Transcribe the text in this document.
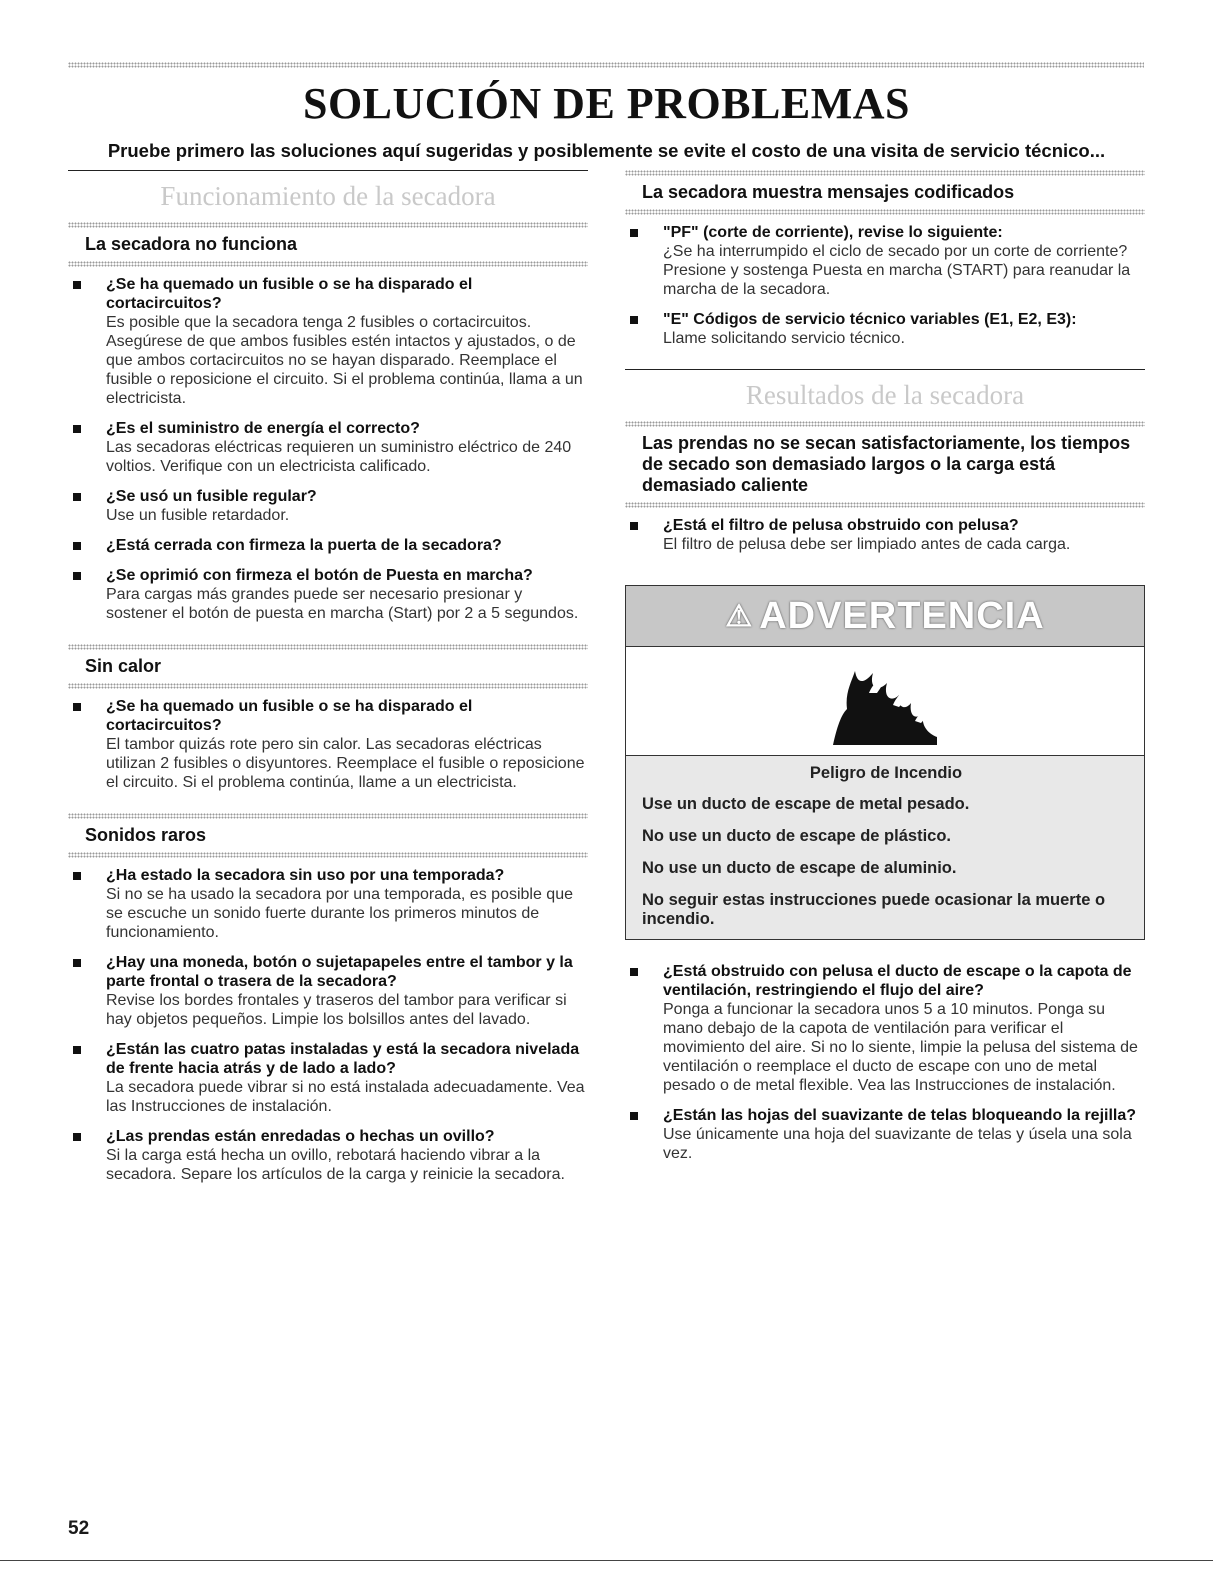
SOLUCIÓN DE PROBLEMAS
Pruebe primero las soluciones aquí sugeridas y posiblemente se evite el costo de una visita de servicio técnico...
Funcionamiento de la secadora
La secadora no funciona
¿Se ha quemado un fusible o se ha disparado el cortacircuitos?
Es posible que la secadora tenga 2 fusibles o cortacircuitos. Asegúrese de que ambos fusibles estén intactos y ajustados, o de que ambos cortacircuitos no se hayan disparado. Reemplace el fusible o reposicione el circuito. Si el problema continúa, llama a un electricista.
¿Es el suministro de energía el correcto?
Las secadoras eléctricas requieren un suministro eléctrico de 240 voltios. Verifique con un electricista calificado.
¿Se usó un fusible regular?
Use un fusible retardador.
¿Está cerrada con firmeza la puerta de la secadora?
¿Se oprimió con firmeza el botón de Puesta en marcha?
Para cargas más grandes puede ser necesario presionar y sostener el botón de puesta en marcha (Start) por 2 a 5 segundos.
Sin calor
¿Se ha quemado un fusible o se ha disparado el cortacircuitos?
El tambor quizás rote pero sin calor. Las secadoras eléctricas utilizan 2 fusibles o disyuntores. Reemplace el fusible o reposicione el circuito. Si el problema continúa, llame a un electricista.
Sonidos raros
¿Ha estado la secadora sin uso por una temporada?
Si no se ha usado la secadora por una temporada, es posible que se escuche un sonido fuerte durante los primeros minutos de funcionamiento.
¿Hay una moneda, botón o sujetapapeles entre el tambor y la parte frontal o trasera de la secadora?
Revise los bordes frontales y traseros del tambor para verificar si hay objetos pequeños. Limpie los bolsillos antes del lavado.
¿Están las cuatro patas instaladas y está la secadora nivelada de frente hacia atrás y de lado a lado?
La secadora puede vibrar si no está instalada adecuadamente. Vea las Instrucciones de instalación.
¿Las prendas están enredadas o hechas un ovillo?
Si la carga está hecha un ovillo, rebotará haciendo vibrar a la secadora. Separe los artículos de la carga y reinicie la secadora.
La secadora muestra mensajes codificados
"PF" (corte de corriente), revise lo siguiente:
¿Se ha interrumpido el ciclo de secado por un corte de corriente? Presione y sostenga Puesta en marcha (START) para reanudar la marcha de la secadora.
"E" Códigos de servicio técnico variables (E1, E2, E3):
Llame solicitando servicio técnico.
Resultados de la secadora
Las prendas no se secan satisfactoriamente, los tiempos de secado son demasiado largos o la carga está demasiado caliente
¿Está el filtro de pelusa obstruido con pelusa?
El filtro de pelusa debe ser limpiado antes de cada carga.
⚠ ADVERTENCIA
Peligro de Incendio
Use un ducto de escape de metal pesado.
No use un ducto de escape de plástico.
No use un ducto de escape de aluminio.
No seguir estas instrucciones puede ocasionar la muerte o incendio.
¿Está obstruido con pelusa el ducto de escape o la capota de ventilación, restringiendo el flujo del aire?
Ponga a funcionar la secadora unos 5 a 10 minutos. Ponga su mano debajo de la capota de ventilación para verificar el movimiento del aire. Si no lo siente, limpie la pelusa del sistema de ventilación o reemplace el ducto de escape con uno de metal pesado o de metal flexible. Vea las Instrucciones de instalación.
¿Están las hojas del suavizante de telas bloqueando la rejilla?
Use únicamente una hoja del suavizante de telas y úsela una sola vez.
52
